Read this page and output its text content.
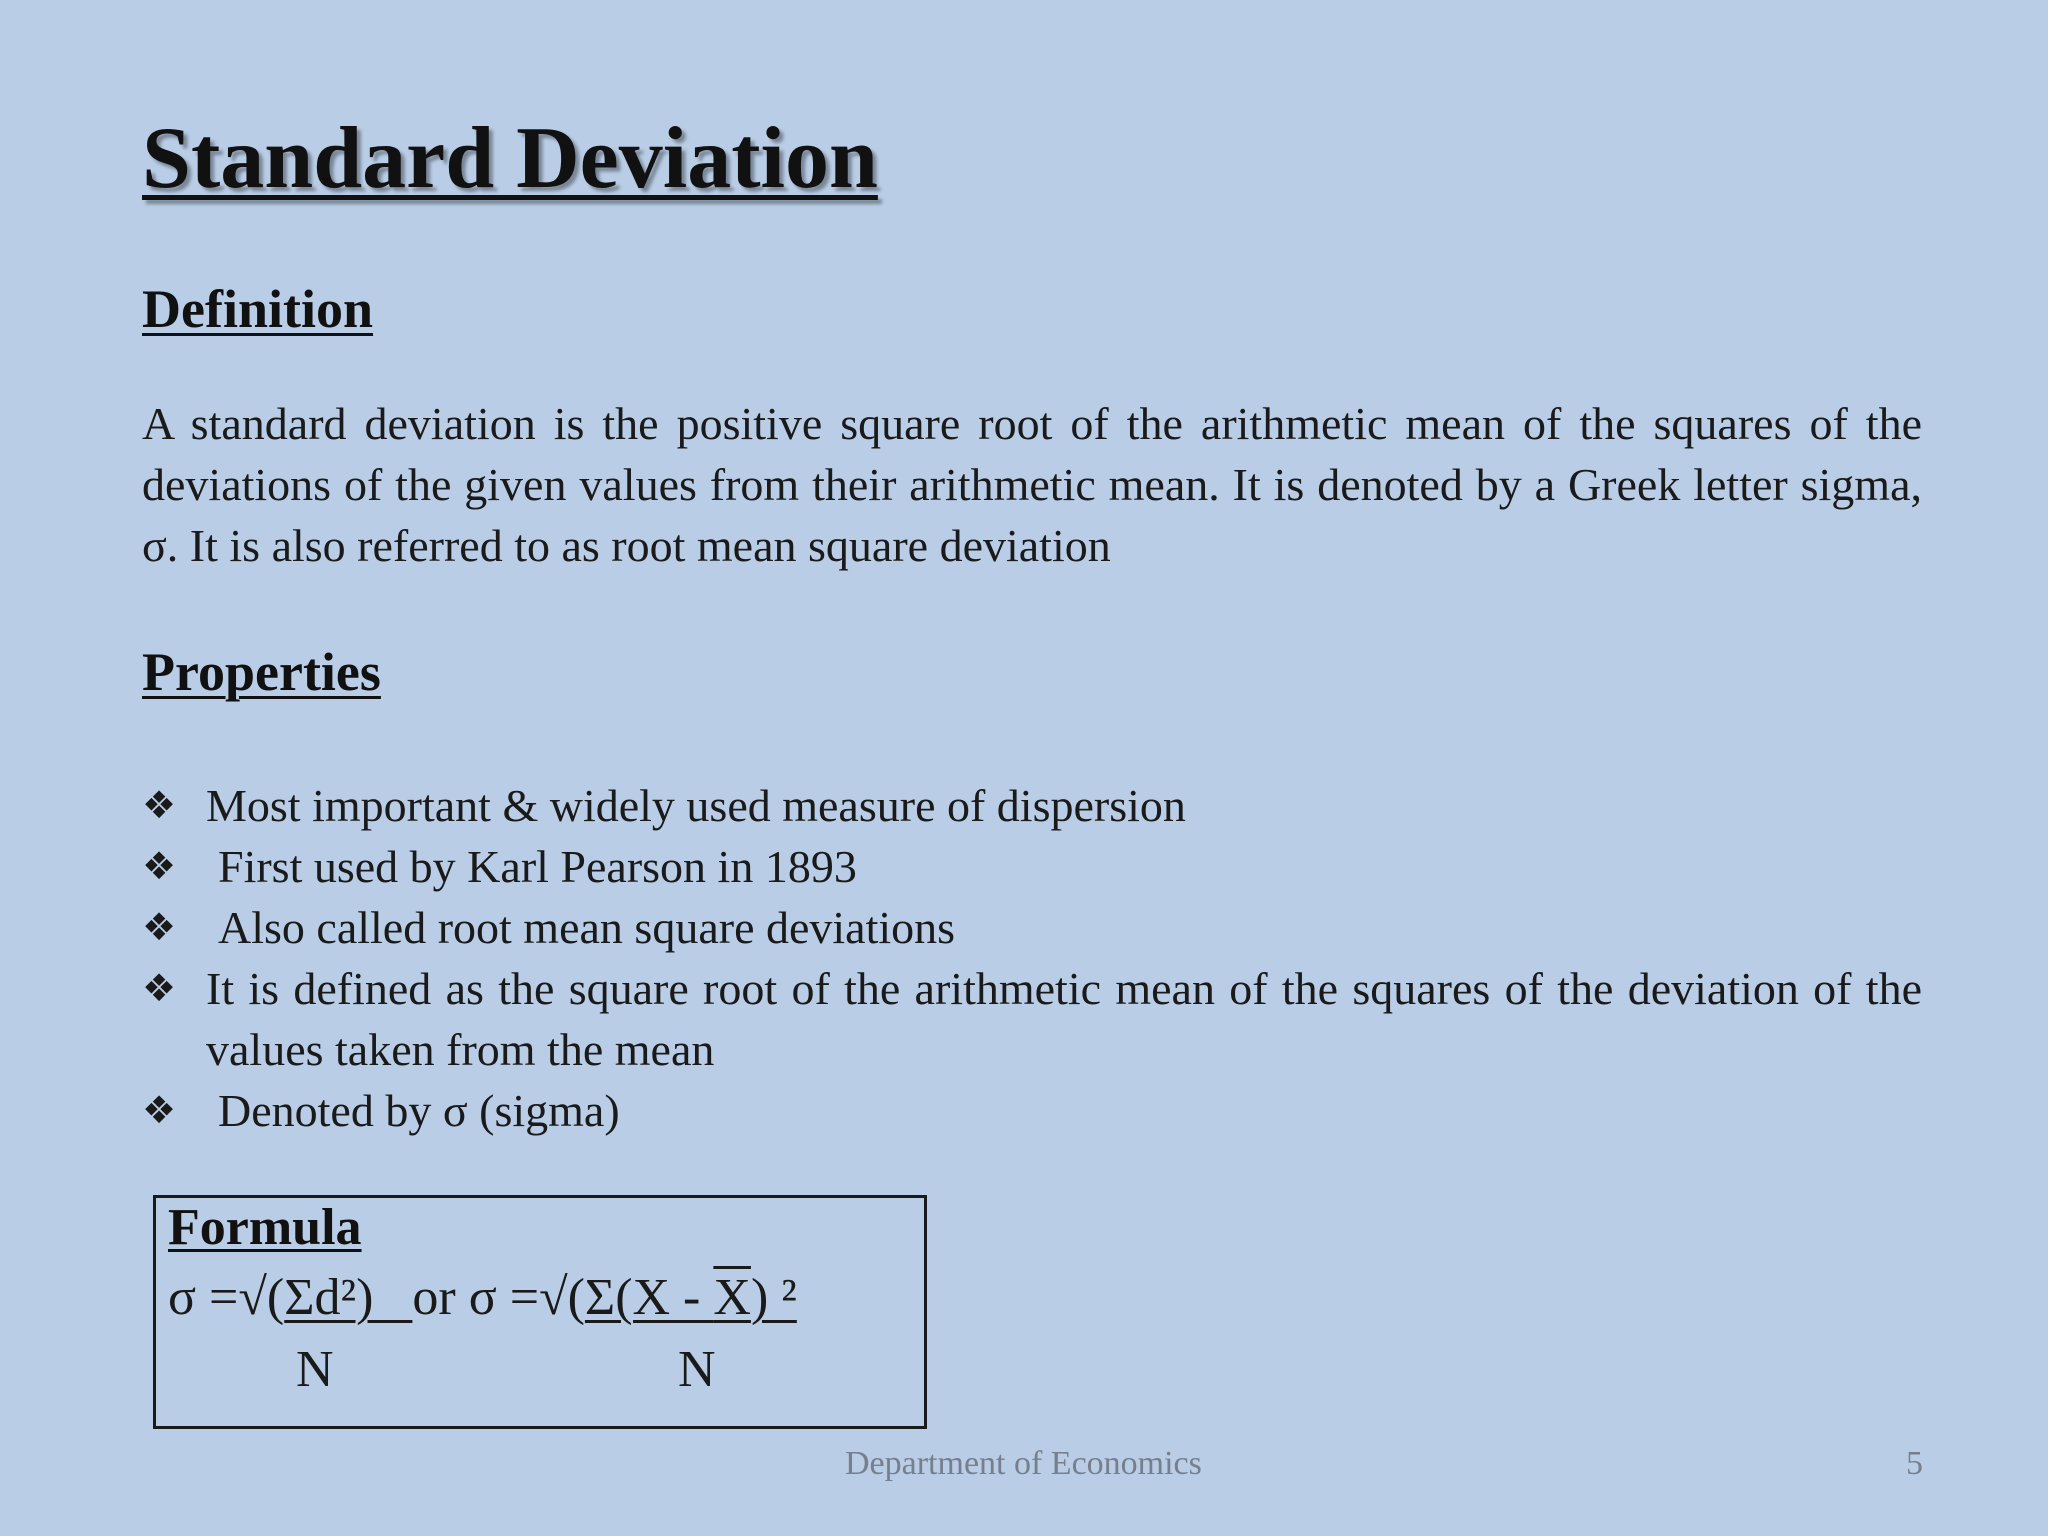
Standard Deviation
Definition

A standard deviation is the positive square root of the arithmetic mean of the squares of the deviations of the given values from their arithmetic mean. It is denoted by a Greek letter sigma, σ. It is also referred to as root mean square deviation

Properties
❖ Most important & widely used measure of dispersion
❖ First used by Karl Pearson in 1893
❖ Also called root mean square deviations
❖ It is defined as the square root of the arithmetic mean of the squares of the deviation of the values taken from the mean
❖ Denoted by σ (sigma)
Formula
σ =√(Σd²)   or σ =√(Σ(X - X) ²
N	N
Department of Economics	5
